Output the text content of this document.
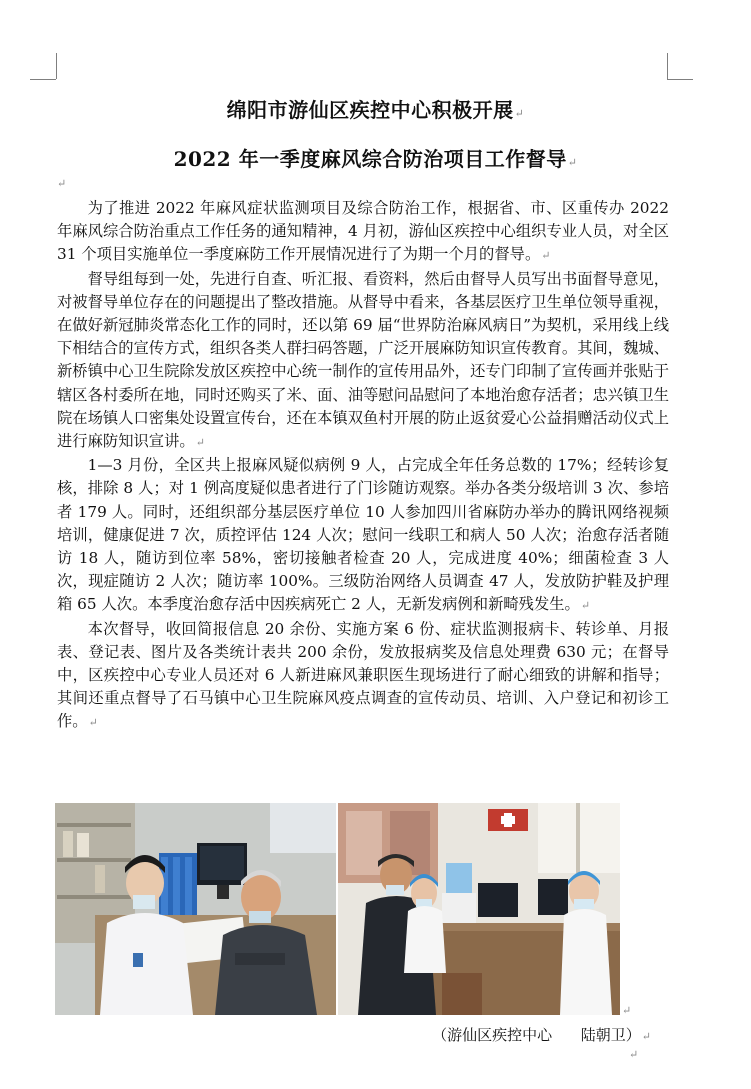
绵阳市游仙区疾控中心积极开展↵
2022 年一季度麻风综合防治项目工作督导↵
↵

为了推进 2022 年麻风症状监测项目及综合防治工作，根据省、市、区重传办 2022 年麻风综合防治重点工作任务的通知精神，4 月初，游仙区疾控中心组织专业人员，对全区 31 个项目实施单位一季度麻防工作开展情况进行了为期一个月的督导。↵

督导组每到一处，先进行自查、听汇报、看资料，然后由督导人员写出书面督导意见，对被督导单位存在的问题提出了整改措施。从督导中看来，各基层医疗卫生单位领导重视，在做好新冠肺炎常态化工作的同时，还以第 69 届“世界防治麻风病日”为契机，采用线上线下相结合的宣传方式，组织各类人群扫码答题，广泛开展麻防知识宣传教育。其间，魏城、新桥镇中心卫生院除发放区疾控中心统一制作的宣传用品外，还专门印制了宣传画并张贴于辖区各村委所在地，同时还购买了米、面、油等慰问品慰问了本地治愈存活者；忠兴镇卫生院在场镇人口密集处设置宣传台，还在本镇双鱼村开展的防止返贫爱心公益捐赠活动仪式上进行麻防知识宣讲。↵

1—3 月份，全区共上报麻风疑似病例 9 人，占完成全年任务总数的 17%；经转诊复核，排除 8 人；对 1 例高度疑似患者进行了门诊随访观察。举办各类分级培训 3 次、参培者 179 人。同时，还组织部分基层医疗单位 10 人参加四川省麻防办举办的腾讯网络视频培训，健康促进 7 次，质控评估 124 人次；慰问一线职工和病人 50 人次；治愈存活者随访 18 人，随访到位率 58%，密切接触者检查 20 人，完成进度 40%；细菌检查 3 人次，现症随访 2 人次；随访率 100%。三级防治网络人员调查 47 人，发放防护鞋及护理箱 65 人次。本季度治愈存活中因疾病死亡 2 人，无新发病例和新畸残发生。↵

本次督导，收回简报信息 20 余份、实施方案 6 份、症状监测报病卡、转诊单、月报表、登记表、图片及各类统计表共 200 余份，发放报病奖及信息处理费 630 元；在督导中，区疾控中心专业人员还对 6 人新进麻风兼职医生现场进行了耐心细致的讲解和指导；其间还重点督导了石马镇中心卫生院麻风疫点调查的宣传动员、培训、入户登记和初诊工作。↵

↵
（游仙区疾控中心      陆朝卫）↵
↵
